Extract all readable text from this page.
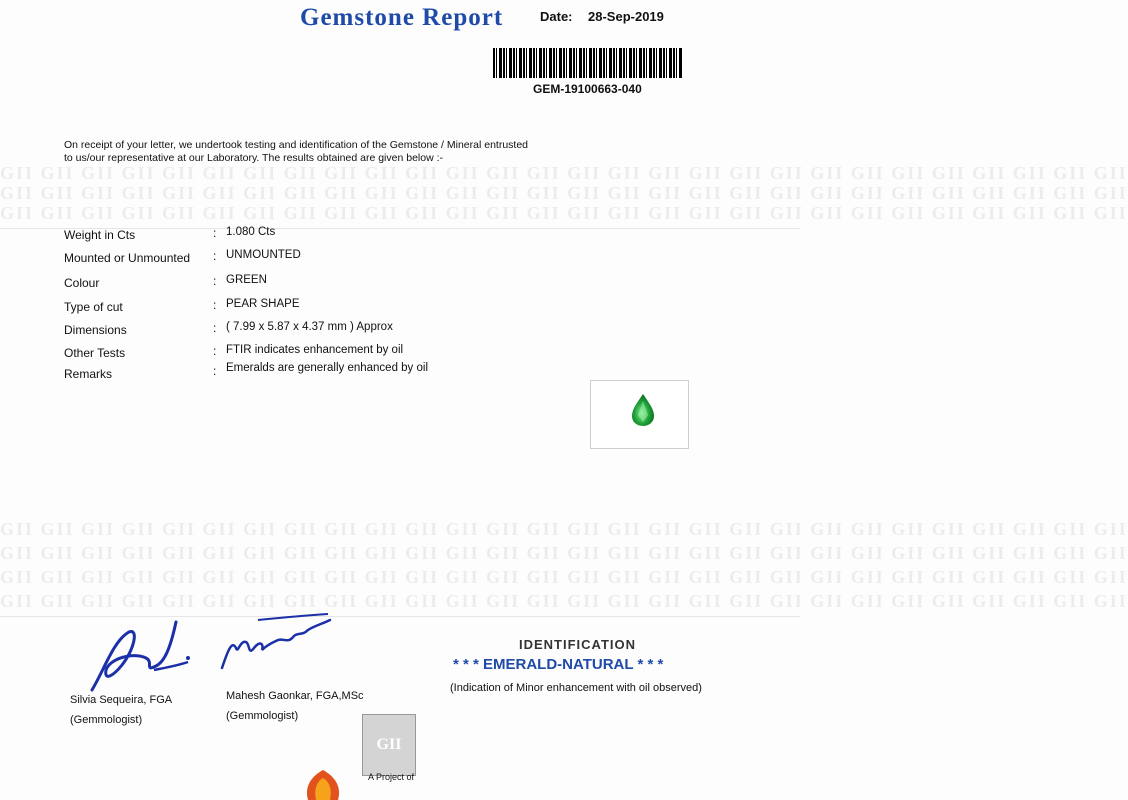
GII GII GII GII GII GII GII GII GII GII GII GII GII GII GII GII GII GII GII GII GII GII GII GII GII GII GII GII
GII GII GII GII GII GII GII GII GII GII GII GII GII GII GII GII GII GII GII GII GII GII GII GII GII GII GII GII
GII GII GII GII GII GII GII GII GII GII GII GII GII GII GII GII GII GII GII GII GII GII GII GII GII GII GII GII
GII GII GII GII GII GII GII GII GII GII GII GII GII GII GII GII GII GII GII GII GII GII GII GII GII GII GII GII
GII GII GII GII GII GII GII GII GII GII GII GII GII GII GII GII GII GII GII GII GII GII GII GII GII GII GII GII
GII GII GII GII GII GII GII GII GII GII GII GII GII GII GII GII GII GII GII GII GII GII GII GII GII GII GII GII
GII GII GII GII GII GII GII GII GII GII GII GII GII GII GII GII GII GII GII GII GII GII GII GII GII GII GII GII
Gemstone Report	Date: 28-Sep-2019
GEM-19100663-040
On receipt of your letter, we undertook testing and identification of the Gemstone / Mineral entrusted to us/our representative at our Laboratory. The results obtained are given below :-
Weight in Cts	: 1.080 Cts
Mounted or Unmounted : UNMOUNTED
Colour	: GREEN
Type of cut	: PEAR SHAPE
Dimensions	: ( 7.99 x 5.87 x 4.37 mm ) Approx
Other Tests	: FTIR indicates enhancement by oil
Remarks	: Emeralds are generally enhanced by oil
Silvia Sequeira, FGA
(Gemmologist)
Mahesh Gaonkar, FGA,MSc
(Gemmologist)
IDENTIFICATION
* * * EMERALD-NATURAL * * *
(Indication of Minor enhancement with oil observed)
GII
A Project of
